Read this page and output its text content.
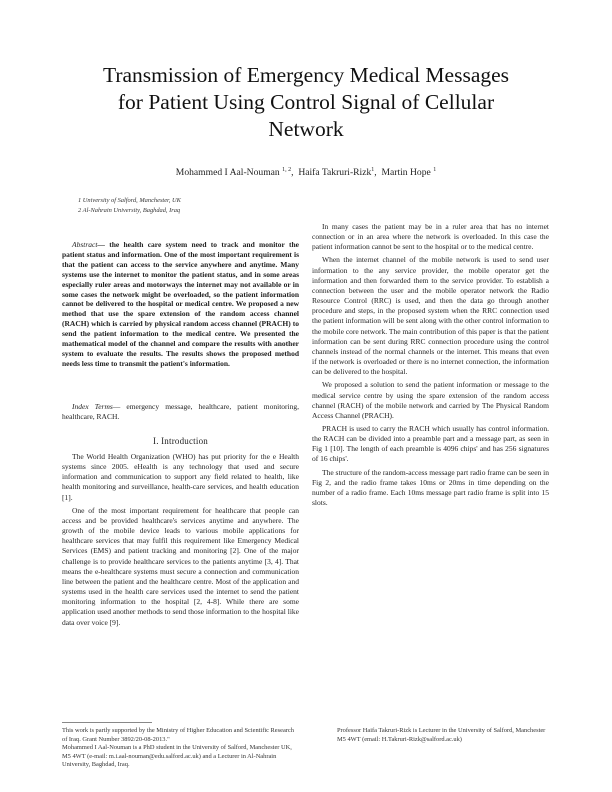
Transmission of Emergency Medical Messages
for Patient Using Control Signal of Cellular
Network
Mohammed I Aal-Nouman $^{1, 2}$,  Haifa Takruri-Rizk$^1$,  Martin Hope $^1$
1 University of Salford, Manchester, UK
2 Al-Nahrain University, Baghdad, Iraq

Abstract— the health care system need to track and monitor the patient status and information. One of the most important requirement is that the patient can access to the service anywhere and anytime. Many systems use the internet to monitor the patient status, and in some areas especially ruler areas and motorways the internet may not available or in some cases the network might be overloaded, so the patient information cannot be delivered to the hospital or medical centre. We proposed a new method that use the spare extension of the random access channel (RACH) which is carried by physical random access channel (PRACH) to send the patient information to the medical centre. We presented the mathematical model of the channel and compare the results with another system to evaluate the results. The results shows the proposed method needs less time to transmit the patient's information.

Index Terms— emergency message, healthcare, patient monitoring, healthcare, RACH.

I. Introduction

The World Health Organization (WHO) has put priority for the e Health systems since 2005. eHealth is any technology that used and secure information and communication to support any field related to health, like health monitoring and surveillance, health-care services, and health education [1].

One of the most important requirement for healthcare that people can access and be provided healthcare's services anytime and anywhere. The growth of the mobile device leads to various mobile applications for healthcare services that may fulfil this requirement like Emergency Medical Services (EMS) and patient tracking and monitoring [2]. One of the major challenge is to provide healthcare services to the patients anytime [3, 4]. That means the e-healthcare systems must secure a connection and communication line between the patient and the healthcare centre. Most of the application and systems used in the health care services used the internet to send the patient monitoring information to the hospital [2, 4-8]. While there are some application used another methods to send those information to the hospital like data over voice [9].

In many cases the patient may be in a ruler area that has no internet connection or in an area where the network is overloaded. In this case the patient information cannot be sent to the hospital or to the medical centre.

When the internet channel of the mobile network is used to send user information to the any service provider, the mobile operator get the information and then forwarded them to the service provider. To establish a connection between the user and the mobile operator network the Radio Resource Control (RRC) is used, and then the data go through another procedure and steps, in the proposed system when the RRC connection used the patient information will be sent along with the other control information to the mobile core network. The main contribution of this paper is that the patient information can be sent during RRC connection procedure using the control channels instead of the normal channels or the internet. This means that even if the network is overloaded or there is no internet connection, the information can be delivered to the hospital.

We proposed a solution to send the patient information or message to the medical service centre by using the spare extension of the random access channel (RACH) of the mobile network and carried by The Physical Random Access Channel (PRACH).

PRACH is used to carry the RACH which usually has control information. the RACH can be divided into a preamble part and a message part, as seen in Fig 1 [10]. The length of each preamble is 4096 chips' and has 256 signatures of 16 chips'.

The structure of the random-access message part radio frame can be seen in Fig 2, and the radio frame takes 10ms or 20ms in time depending on the number of a radio frame. Each 10ms message part radio frame is split into 15 slots.

This work is partly supported by the Ministry of Higher Education and Scientific Research of Iraq. Grant Number 3892/20-08-2013."

Mohammed I Aal-Nouman is a PhD student in the University of Salford, Manchester UK, M5 4WT (e-mail: m.i.aal-nouman@edu.salford.ac.uk) and a Lecturer in Al-Nahrain University, Baghdad, Iraq.

Professor Haifa Takruri-Rizk is Lecturer in the University of Salford, Manchester M5 4WT (email: H.Takruri-Rizk@salford.ac.uk)
